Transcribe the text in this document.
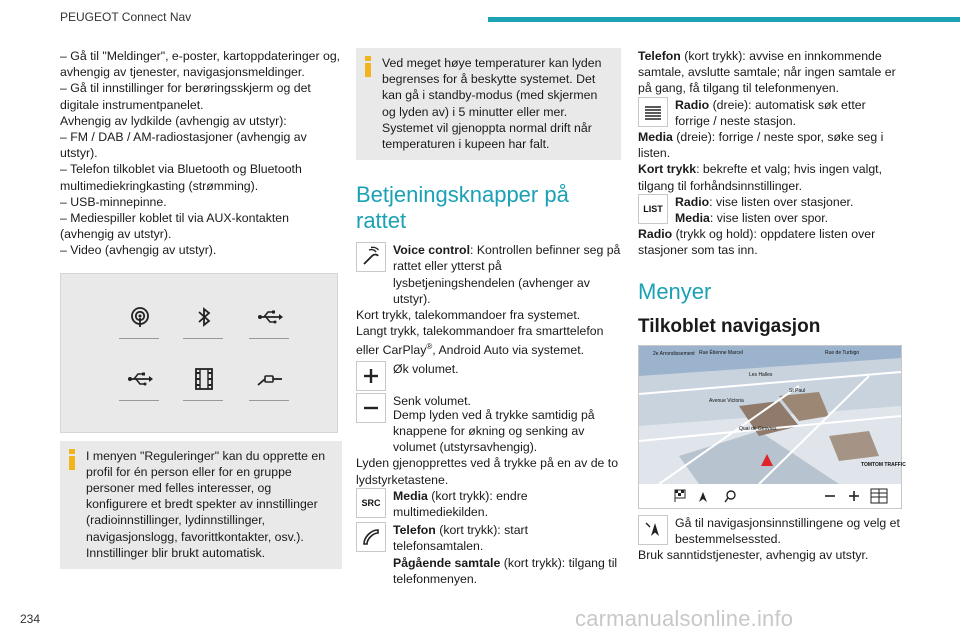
PEUGEOT Connect Nav

– Gå til "Meldinger", e-poster, kartoppdateringer og, avhengig av tjenester, navigasjonsmeldinger.

– Gå til innstillinger for berøringsskjerm og det digitale instrumentpanelet.

Avhengig av lydkilde (avhengig av utstyr):

– FM / DAB / AM-radiostasjoner (avhengig av utstyr).

– Telefon tilkoblet via Bluetooth og Bluetooth multimediekringkasting (strømming).

– USB-minnepinne.

– Mediespiller koblet til via AUX-kontakten (avhengig av utstyr).

– Video (avhengig av utstyr).

I menyen "Reguleringer" kan du opprette en profil for én person eller for en gruppe personer med felles interesser, og konfigurere et bredt spekter av innstillinger (radioinnstillinger, lydinnstillinger, navigasjonslogg, favorittkontakter, osv.). Innstillinger blir brukt automatisk.

Ved meget høye temperaturer kan lyden begrenses for å beskytte systemet. Det kan gå i standby-modus (med skjermen og lyden av) i 5 minutter eller mer. Systemet vil gjenoppta normal drift når temperaturen i kupeen har falt.

Betjeningsknapper på rattet

Voice control: Kontrollen befinner seg på rattet eller ytterst på lysbetjeningshendelen (avhenger av utstyr).

Kort trykk, talekommandoer fra systemet.

Langt trykk, talekommandoer fra smarttelefon eller CarPlay®, Android Auto via systemet.

Øk volumet.

Senk volumet.

Demp lyden ved å trykke samtidig på knappene for økning og senking av volumet (utstyrsavhengig).

Lyden gjenopprettes ved å trykke på en av de to lydstyrketastene.

SRC	Media (kort trykk): endre multimediekilden.

Telefon (kort trykk): start telefonsamtalen.
Pågående samtale (kort trykk): tilgang til telefonmenyen.

Telefon (kort trykk): avvise en innkommende samtale, avslutte samtale; når ingen samtale er på gang, få tilgang til telefonmenyen.

Radio (dreie): automatisk søk etter forrige / neste stasjon.

Media (dreie): forrige / neste spor, søke seg i listen.

Kort trykk: bekrefte et valg; hvis ingen valgt, tilgang til forhåndsinnstillinger.

LIST Radio: vise listen over stasjoner.
Media: vise listen over spor.

Radio (trykk og hold): oppdatere listen over stasjoner som tas inn.

Menyer
Tilkoblet navigasjon
2e Arrondissement Rue Étienne Marcel	Rue de Turbigo
Les Halles
Avenue Victoria
St Paul
Quai de Gesvres
TOMTOM TRAFFIC

Gå til navigasjonsinnstillingene og velg et bestemmelsessted.

Bruk sanntidstjenester, avhengig av utstyr.

234	carmanualsonline.info
